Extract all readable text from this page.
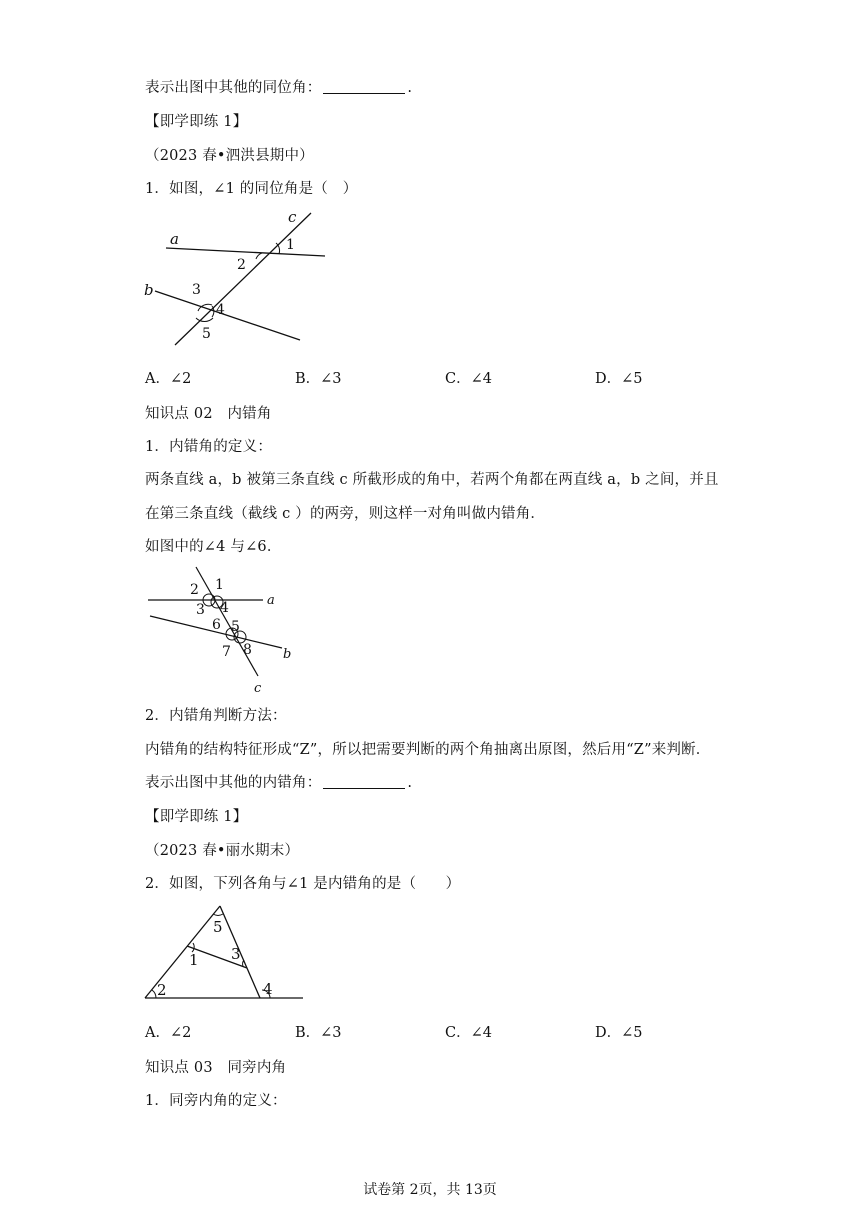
表示出图中其他的同位角：	.
【即学即练 1】
（2023 春•泗洪县期中）
1．如图，∠1 的同位角是（　）
a
b
c
1
2
3
4
5
A．∠2	B．∠3	C．∠4	D．∠5
知识点 02　内错角
1．内错角的定义：
两条直线 a，b 被第三条直线 c 所截形成的角中，若两个角都在两直线 a，b 之间，并且
在第三条直线（截线 c ）的两旁，则这样一对角叫做内错角．
如图中的∠4 与∠6．
a
b
c
1
2
3 4
5
6
7 8
2．内错角判断方法：
内错角的结构特征形成“Z”，所以把需要判断的两个角抽离出原图，然后用“Z”来判断．
表示出图中其他的内错角：	.
【即学即练 1】
（2023 春•丽水期末）
2．如图，下列各角与∠1 是内错角的是（　　）
5
1 3
2	4
A．∠2	B．∠3	C．∠4	D．∠5
知识点 03　同旁内角
1．同旁内角的定义：
试卷第 2页，共 13页
